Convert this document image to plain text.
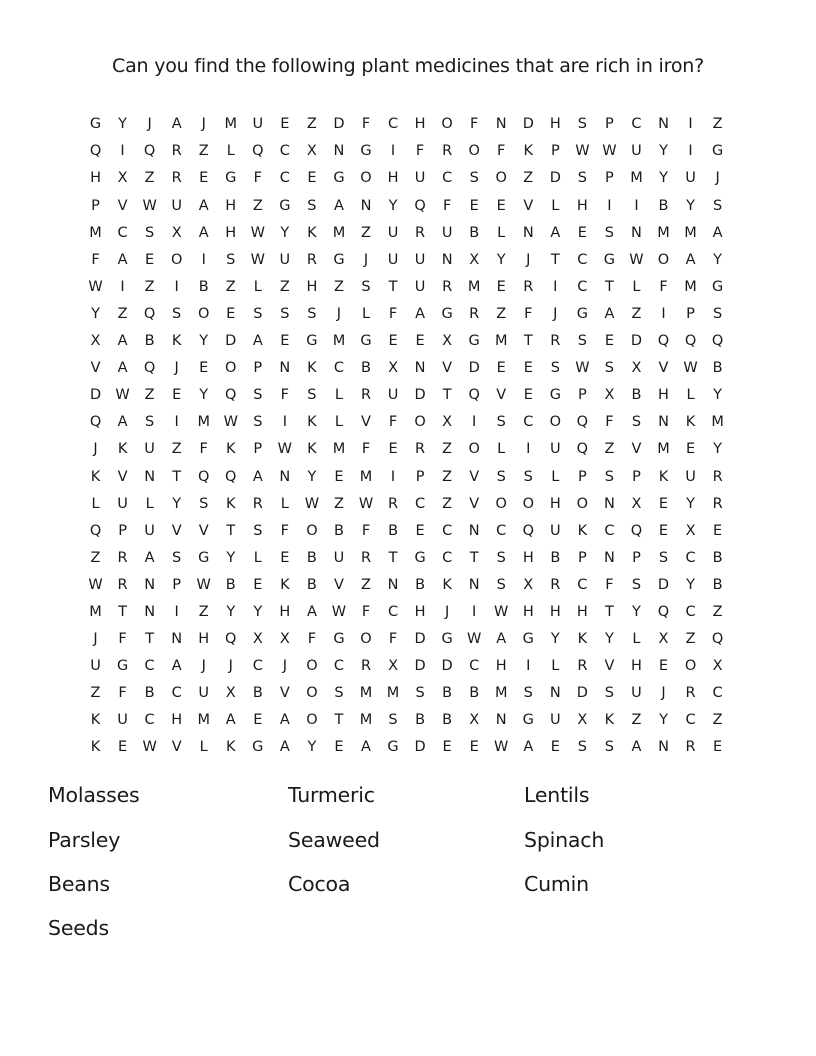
Can you find the following plant medicines that are rich in iron?
G	Y	J	A	J	M	U	E	Z	D	F	C	H	O	F	N	D	H	S	P	C	N	I	Z
Q	I	Q	R	Z	L	Q	C	X	N	G	I	F	R	O	F	K	P	W W	U	Y	I	G
H	X	Z	R	E	G	F	C	E	G	O	H	U	C	S	O	Z	D	S	P	M	Y	U	J
P	V	W	U	A	H	Z	G	S	A	N	Y	Q	F	E	E	V	L	H	I	I	B	Y	S
M	C	S	X	A	H W	Y	K	M	Z	U	R	U	B	L	N	A	E	S	N	M	M	A
F	A	E	O	I	S	W	U	R	G	J	U	U	N	X	Y	J	T	C	G W O	A	Y
W	I	Z	I	B	Z	L	Z	H	Z	S	T	U	R	M	E	R	I	C	T	L	F	M	G
Y	Z	Q	S	O	E	S	S	S	J	L	F	A	G	R	Z	F	J	G	A	Z	I	P	S
X	A	B	K	Y	D	A	E	G	M	G	E	E	X	G	M	T	R	S	E	D	Q	Q	Q
V	A	Q	J	E	O	P	N	K	C	B	X	N	V	D	E	E	S	W	S	X	V	W	B
D W	Z	E	Y	Q	S	F	S	L	R	U	D	T	Q	V	E	G	P	X	B	H	L	Y
Q	A	S	I	M W	S	I	K	L	V	F	O	X	I	S	C	O	Q	F	S	N	K	M
J	K	U	Z	F	K	P	W	K	M	F	E	R	Z	O	L	I	U	Q	Z	V	M	E	Y
K	V	N	T	Q	Q	A	N	Y	E	M	I	P	Z	V	S	S	L	P	S	P	K	U	R
L	U	L	Y	S	K	R	L	W	Z	W	R	C	Z	V	O	O	H	O	N	X	E	Y	R
Q	P	U	V	V	T	S	F	O	B	F	B	E	C	N	C	Q	U	K	C	Q	E	X	E
Z	R	A	S	G	Y	L	E	B	U	R	T	G	C	T	S	H	B	P	N	P	S	C	B
W	R	N	P	W	B	E	K	B	V	Z	N	B	K	N	S	X	R	C	F	S	D	Y	B
M	T	N	I	Z	Y	Y	H	A	W	F	C	H	J	I	W H	H	H	T	Y	Q	C	Z
J	F	T	N	H	Q	X	X	F	G	O	F	D	G W	A	G	Y	K	Y	L	X	Z	Q
U	G	C	A	J	J	C	J	O	C	R	X	D	D	C	H	I	L	R	V	H	E	O	X
Z	F	B	C	U	X	B	V	O	S	M	M	S	B	B	M	S	N	D	S	U	J	R	C
K	U	C	H	M	A	E	A	O	T	M	S	B	B	X	N	G	U	X	K	Z	Y	C	Z
K	E	W	V	L	K	G	A	Y	E	A	G	D	E	E	W	A	E	S	S	A	N	R	E
Molasses
Parsley
Beans
Seeds
Turmeric
Seaweed
Cocoa
Lentils
Spinach
Cumin
